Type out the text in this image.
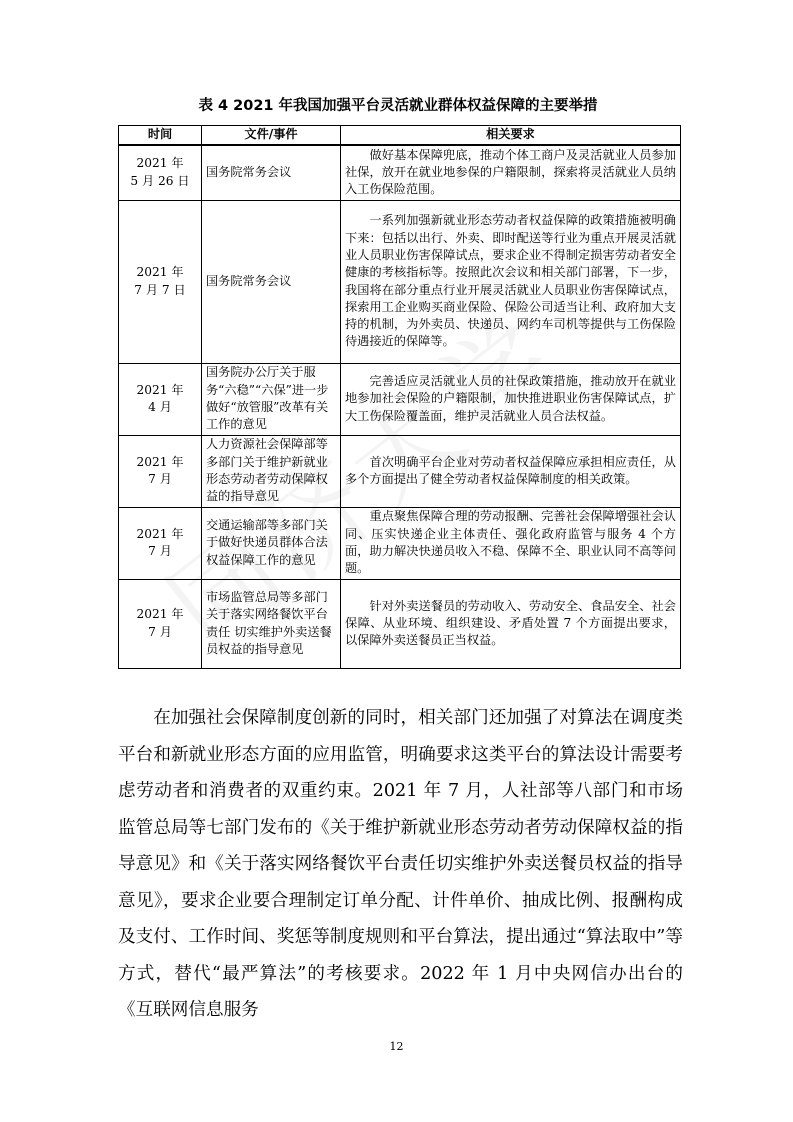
表 4 2021 年我国加强平台灵活就业群体权益保障的主要举措
时间	文件/事件	相关要求
2021 年
5 月 26 日	国务院常务会议	做好基本保障兜底，推动个体工商户及灵活就业人员参加社保，放开在就业地参保的户籍限制，探索将灵活就业人员纳入工伤保险范围。
2021 年
7 月 7 日	国务院常务会议	一系列加强新就业形态劳动者权益保障的政策措施被明确下来：包括以出行、外卖、即时配送等行业为重点开展灵活就业人员职业伤害保障试点，要求企业不得制定损害劳动者安全健康的考核指标等。按照此次会议和相关部门部署，下一步，我国将在部分重点行业开展灵活就业人员职业伤害保障试点，探索用工企业购买商业保险、保险公司适当让利、政府加大支持的机制，为外卖员、快递员、网约车司机等提供与工伤保险待遇接近的保障等。
2021 年
4 月	国务院办公厅关于服务“六稳”“六保”进一步做好“放管服”改革有关工作的意见	完善适应灵活就业人员的社保政策措施，推动放开在就业地参加社会保险的户籍限制，加快推进职业伤害保障试点，扩大工伤保险覆盖面，维护灵活就业人员合法权益。
2021 年
7 月	人力资源社会保障部等多部门关于维护新就业形态劳动者劳动保障权益的指导意见	首次明确平台企业对劳动者权益保障应承担相应责任，从多个方面提出了健全劳动者权益保障制度的相关政策。
2021 年
7 月	交通运输部等多部门关于做好快递员群体合法权益保障工作的意见	重点聚焦保障合理的劳动报酬、完善社会保障增强社会认同、压实快递企业主体责任、强化政府监管与服务 4 个方面，助力解决快递员收入不稳、保障不全、职业认同不高等问题。
2021 年
7 月	市场监管总局等多部门关于落实网络餐饮平台责任 切实维护外卖送餐员权益的指导意见	针对外卖送餐员的劳动收入、劳动安全、食品安全、社会保障、从业环境、组织建设、矛盾处置 7 个方面提出要求，以保障外卖送餐员正当权益。

在加强社会保障制度创新的同时，相关部门还加强了对算法在调度类平台和新就业形态方面的应用监管，明确要求这类平台的算法设计需要考虑劳动者和消费者的双重约束。2021 年 7 月，人社部等八部门和市场监管总局等七部门发布的《关于维护新就业形态劳动者劳动保障权益的指导意见》和《关于落实网络餐饮平台责任切实维护外卖送餐员权益的指导意见》，要求企业要合理制定订单分配、计件单价、抽成比例、报酬构成及支付、工作时间、奖惩等制度规则和平台算法，提出通过“算法取中”等方式，替代“最严算法”的考核要求。2022 年 1 月中央网信办出台的《互联网信息服务

12
